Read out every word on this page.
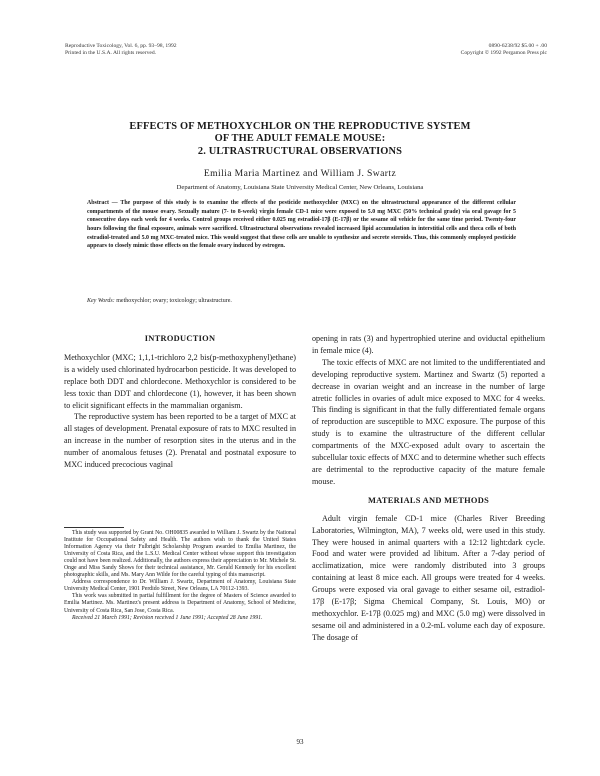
Reproductive Toxicology, Vol. 6, pp. 93–98, 1992
Printed in the U.S.A. All rights reserved.
0890-6238/92 $5.00 + .00
Copyright © 1992 Pergamon Press plc
EFFECTS OF METHOXYCHLOR ON THE REPRODUCTIVE SYSTEM
OF THE ADULT FEMALE MOUSE:
2. ULTRASTRUCTURAL OBSERVATIONS
Emilia Maria Martinez and William J. Swartz
Department of Anatomy, Louisiana State University Medical Center, New Orleans, Louisiana
Abstract — The purpose of this study is to examine the effects of the pesticide methoxychlor (MXC) on the ultrastructural appearance of the different cellular compartments of the mouse ovary. Sexually mature (7- to 8-week) virgin female CD-1 mice were exposed to 5.0 mg MXC (50% technical grade) via oral gavage for 5 consecutive days each week for 4 weeks. Control groups received either 0.025 mg estradiol-17β (E-17β) or the sesame oil vehicle for the same time period. Twenty-four hours following the final exposure, animals were sacrificed. Ultrastructural observations revealed increased lipid accumulation in interstitial cells and theca cells of both estradiol-treated and 5.0 mg MXC-treated mice. This would suggest that these cells are unable to synthesize and secrete steroids. Thus, this commonly employed pesticide appears to closely mimic those effects on the female ovary induced by estrogen.
Key Words: methoxychlor; ovary; toxicology; ultrastructure.
INTRODUCTION

Methoxychlor (MXC; 1,1,1-trichloro 2,2 bis(p-methoxyphenyl)ethane) is a widely used chlorinated hydrocarbon pesticide. It was developed to replace both DDT and chlordecone. Methoxychlor is considered to be less toxic than DDT and chlordecone (1), however, it has been shown to elicit significant effects in the mammalian organism.

The reproductive system has been reported to be a target of MXC at all stages of development. Prenatal exposure of rats to MXC resulted in an increase in the number of resorption sites in the uterus and in the number of anomalous fetuses (2). Prenatal and postnatal exposure to MXC induced precocious vaginal

This study was supported by Grant No. OH00835 awarded to William J. Swartz by the National Institute for Occupational Safety and Health. The authors wish to thank the United States Information Agency via their Fulbright Scholarship Program awarded to Emilia Martinez, the University of Costa Rica, and the L.S.U. Medical Center without whose support this investigation could not have been realized. Additionally, the authors express their appreciation to Mr. Michele St. Onge and Miss Sandy Shows for their technical assistance, Mr. Gerald Kennedy for his excellent photographic skills, and Ms. Mary Ann Wilde for the careful typing of this manuscript.

Address correspondence to Dr. William J. Swartz, Department of Anatomy, Louisiana State University Medical Center, 1901 Perdido Street, New Orleans, LA 70112-1393.

This work was submitted in partial fulfillment for the degree of Masters of Science awarded to Emilia Martinez. Ms. Martinez's present address is Department of Anatomy, School of Medicine, University of Costa Rica, San Jose, Costa Rica.

Received 21 March 1991; Revision received 1 June 1991; Accepted 28 June 1991.

opening in rats (3) and hypertrophied uterine and oviductal epithelium in female mice (4).

The toxic effects of MXC are not limited to the undifferentiated and developing reproductive system. Martinez and Swartz (5) reported a decrease in ovarian weight and an increase in the number of large atretic follicles in ovaries of adult mice exposed to MXC for 4 weeks. This finding is significant in that the fully differentiated female organs of reproduction are susceptible to MXC exposure. The purpose of this study is to examine the ultrastructure of the different cellular compartments of the MXC-exposed adult ovary to ascertain the subcellular toxic effects of MXC and to determine whether such effects are detrimental to the reproductive capacity of the mature female mouse.

MATERIALS AND METHODS

Adult virgin female CD-1 mice (Charles River Breeding Laboratories, Wilmington, MA), 7 weeks old, were used in this study. They were housed in animal quarters with a 12:12 light:dark cycle. Food and water were provided ad libitum. After a 7-day period of acclimatization, mice were randomly distributed into 3 groups containing at least 8 mice each. All groups were treated for 4 weeks. Groups were exposed via oral gavage to either sesame oil, estradiol-17β (E-17β; Sigma Chemical Company, St. Louis, MO) or methoxychlor. E-17β (0.025 mg) and MXC (5.0 mg) were dissolved in sesame oil and administered in a 0.2-mL volume each day of exposure. The dosage of

93
